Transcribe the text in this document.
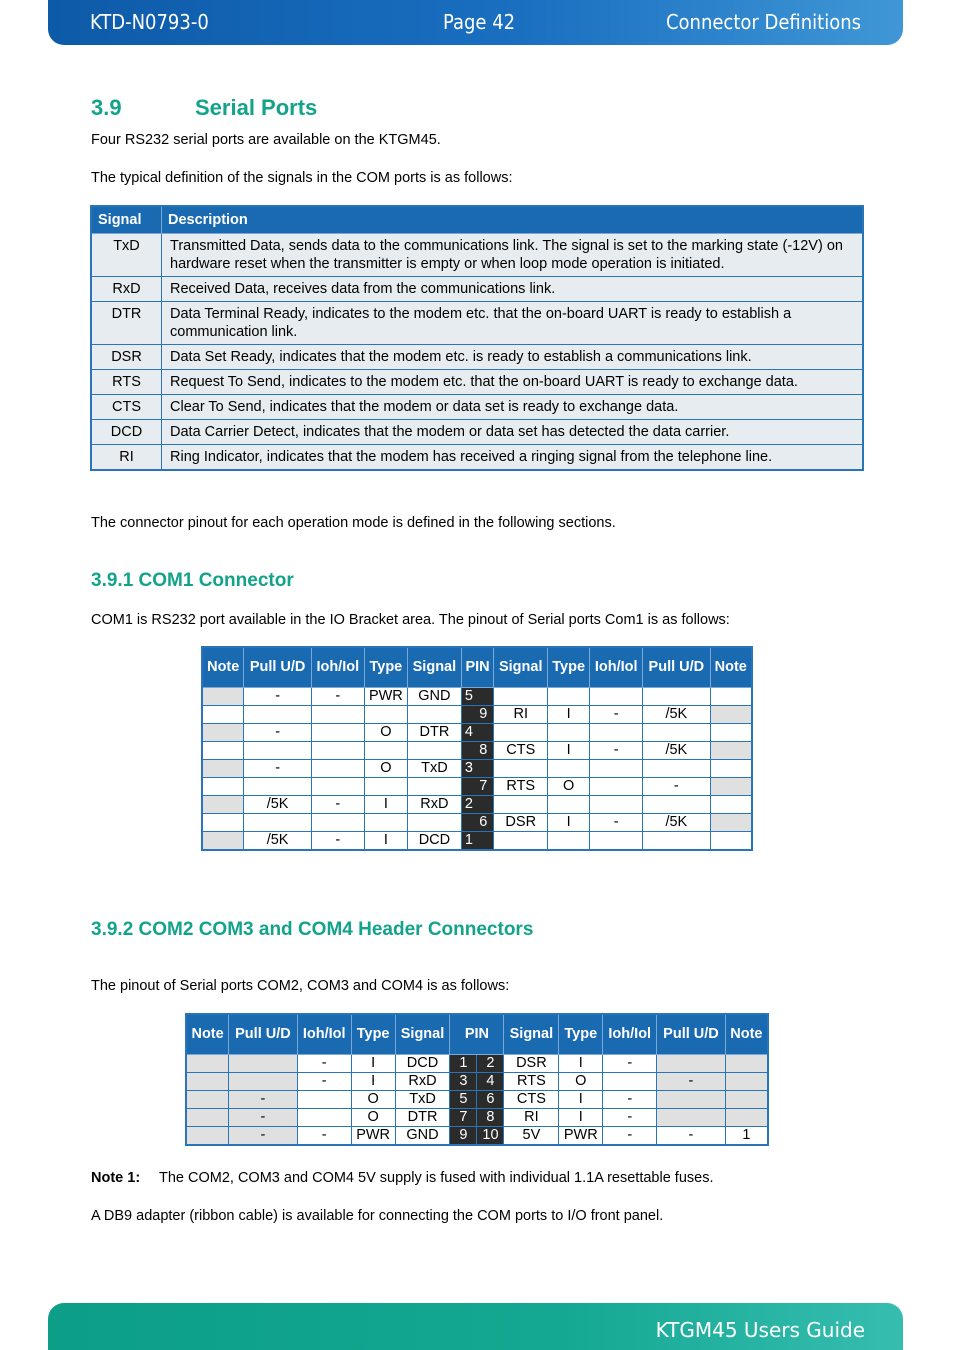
KTD-N0793-0	Page 42	Connector Definitions
3.9	Serial Ports
Four RS232 serial ports are available on the KTGM45.
The typical definition of the signals in the COM ports is as follows:
Signal	Description
TxD	Transmitted Data, sends data to the communications link. The signal is set to the marking state (-12V) on hardware reset when the transmitter is empty or when loop mode operation is initiated.
RxD	Received Data, receives data from the communications link.
DTR	Data Terminal Ready, indicates to the modem etc. that the on-board UART is ready to establish a communication link.
DSR	Data Set Ready, indicates that the modem etc. is ready to establish a communications link.
RTS	Request To Send, indicates to the modem etc. that the on-board UART is ready to exchange data.
CTS	Clear To Send, indicates that the modem or data set is ready to exchange data.
DCD	Data Carrier Detect, indicates that the modem or data set has detected the data carrier.
RI	Ring Indicator, indicates that the modem has received a ringing signal from the telephone line.
The connector pinout for each operation mode is defined in the following sections.
3.9.1 COM1 Connector
COM1 is RS232 port available in the IO Bracket area. The pinout of Serial ports Com1 is as follows:
Note	Pull U/D	Ioh/Iol	Type	Signal	PIN	Signal	Type	Ioh/Iol	Pull U/D	Note
	-	-	PWR	GND	5					
					9	RI	I	-	/5K	
	-		O	DTR	4					
					8	CTS	I	-	/5K	
	-		O	TxD	3					
					7	RTS	O		-	
	/5K	-	I	RxD	2					
					6	DSR	I	-	/5K	
	/5K	-	I	DCD	1					
3.9.2 COM2 COM3 and COM4 Header Connectors
The pinout of Serial ports COM2, COM3 and COM4 is as follows:
Note	Pull U/D	Ioh/Iol	Type	Signal	PIN		Signal	Type	Ioh/Iol	Pull U/D	Note
		-	I	DCD	1	2	DSR	I	-		
		-	I	RxD	3	4	RTS	O		-	
	-		O	TxD	5	6	CTS	I	-		
	-		O	DTR	7	8	RI	I	-		
	-	-	PWR	GND	9	10	5V	PWR	-	-	1
Note 1: The COM2, COM3 and COM4 5V supply is fused with individual 1.1A resettable fuses.
A DB9 adapter (ribbon cable) is available for connecting the COM ports to I/O front panel.
KTGM45 Users Guide
